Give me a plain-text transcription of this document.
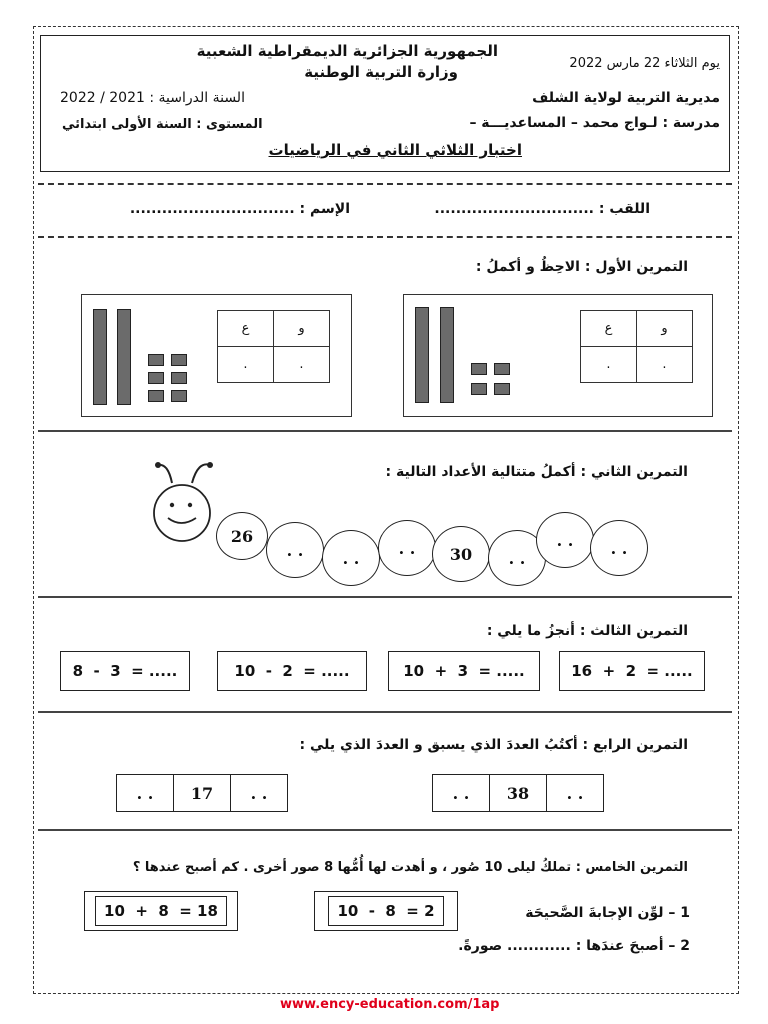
الجمهورية الجزائرية الديمقراطية الشعبية
وزارة التربية الوطنية	يوم الثلاثاء 22 مارس 2022
السنة الدراسية : 2021 / 2022	مديرية التربية لولاية الشلف
المستوى : السنة الأولى ابتدائي	مدرسة : لـواج محمد – المساعديـــة –
اختبار الثلاثي الثاني في الرياضيات
اللقب : ..............................
الإسم : ...............................
التمرين الأول : الاحِظُ و أكملُ :
ع	و
.	.
ع	و
.	.
التمرين الثاني : أكملُ متتالية الأعداد التالية :
26
. .	. .
. .	30	. .
. .	. .
التمرين الثالث : أنجزُ ما يلي :
8  -  3  = .....	10  -  2  = .....	10  +  3  = .....	16  +  2  = .....
التمرين الرابع : أكتُبُ العددَ الذي يسبق و العددَ الذي يلي :
. .	17	. .	. .	38	. .
التمرين الخامس : تملكُ ليلى 10 صُور ، و أهدت لها أُمُّها 8 صور أخرى . كم أصبح عندها ؟
10  +  8  = 18	10  -  8  = 2	1 – لوِّن الإجابةَ الصَّحيحَة
2 – أصبحَ عندَها : ............ صورةً.
www.ency-education.com/1ap
